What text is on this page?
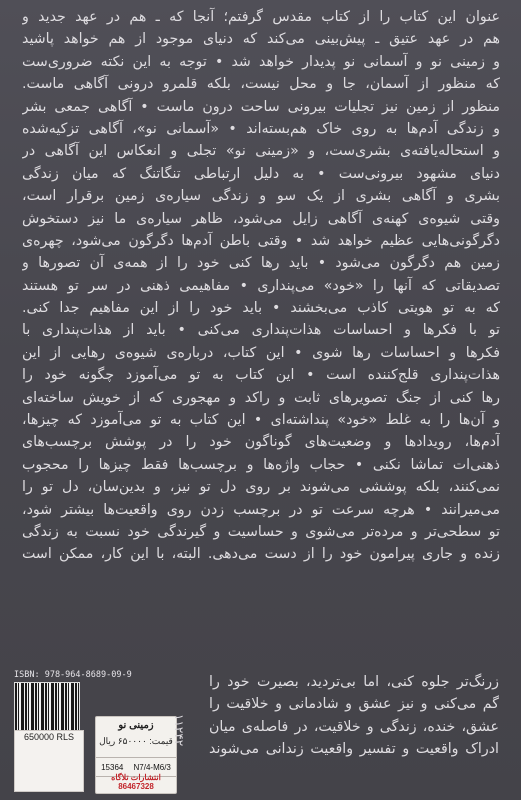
عنوان این کتاب را از کتاب مقدس گرفتم؛ آنجا که ـ هم در عهد جدید و
هم در عهد عتیق ـ پیش‌بینی می‌کند که دنیای موجود از هم خواهد پاشید
و زمینی نو و آسمانی نو پدیدار خواهد شد • توجه به این نکته ضروری‌ست
که منظور از آسمان، جا و محل نیست، بلکه قلمرو درونی آگاهی ماست.
منظور از زمین نیز تجلیات بیرونی ساحت درون ماست • آگاهی جمعی بشر
و زندگی آدم‌ها به روی خاک هم‌بسته‌اند • «آسمانی نو»، آگاهی تزکیه‌شده
و استحاله‌یافته‌ی بشری‌ست، و «زمینی نو» تجلی و انعکاس این آگاهی در
دنیای مشهود بیرونی‌ست • به دلیل ارتباطی تنگاتنگ که میان زندگی
بشری و آگاهی بشری از یک سو و زندگی سیاره‌ی زمین برقرار است،
وقتی شیوه‌ی کهنه‌ی آگاهی زایل می‌شود، ظاهر سیاره‌ی ما نیز دستخوش
دگرگونی‌هایی عظیم خواهد شد • وقتی باطن آدم‌ها دگرگون می‌شود، چهره‌ی
زمین هم دگرگون می‌شود • باید رها کنی خود را از همه‌ی آن تصورها و
تصدیقاتی که آنها را «خود» می‌پنداری • مفاهیمی ذهنی در سر تو هستند
که به تو هویتی کاذب می‌بخشند • باید خود را از این مفاهیم جدا کنی.
تو با فکرها و احساسات هذات‌پنداری می‌کنی • باید از هذات‌پنداری با
فکرها و احساسات رها شوی • این کتاب، درباره‌ی شیوه‌ی رهایی از این
هذات‌پنداری قلج‌کننده است • این کتاب به تو می‌آموزد چگونه خود را
رها کنی از جنگ تصویرهای ثابت و راکد و مهجوری که از خویش ساخته‌ای
و آن‌ها را به غلط «خود» پنداشته‌ای • این کتاب به تو می‌آموزد که چیزها،
آدم‌ها، رویدادها و وضعیت‌های گوناگون خود را در پوشش برچسب‌های
ذهنی‌ات تماشا نکنی • حجاب واژه‌ها و برچسب‌ها فقط چیزها را محجوب
نمی‌کنند، بلکه پوششی می‌شوند بر روی دل تو نیز، و بدین‌سان، دل تو را
می‌میرانند • هرچه سرعت تو در برچسب زدن روی واقعیت‌ها بیشتر شود،
تو سطحی‌تر و مرده‌تر می‌شوی و حساسیت و گیرندگی خود نسبت به زندگی
زنده و جاری پیرامون خود را از دست می‌دهی. البته، با این کار، ممکن است
زرنگ‌تر جلوه کنی، اما بی‌تردید، بصیرت خود را
گم می‌کنی و نیز عشق و شادمانی و خلاقیت را
عشق، خنده، زندگی و خلاقیت، در فاصله‌ی میان
ادراک واقعیت و تفسیر واقعیت زندانی می‌شوند
ISBN: 978-964-8689-09-9
650000 RLS
زمینی نو
قیمت: ۶۵۰۰۰۰ ریال
15364 N7/4-M6/3
انتشارات تلاگاه
86467328
۱۱۲۴۲
